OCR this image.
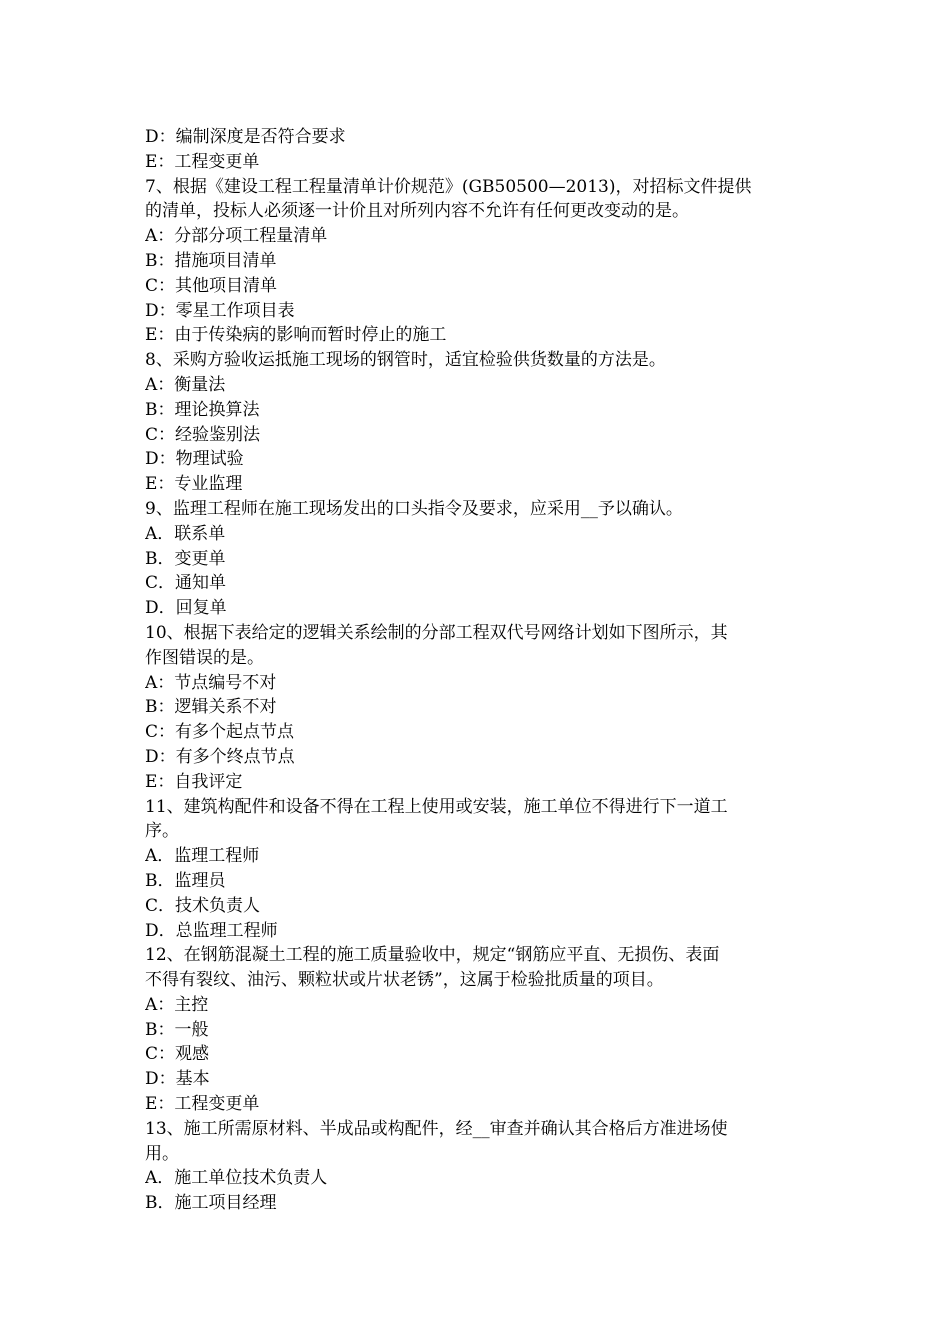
D：编制深度是否符合要求
E：工程变更单
7、根据《建设工程工程量清单计价规范》(GB50500—2013)，对招标文件提供
的清单，投标人必须逐一计价且对所列内容不允许有任何更改变动的是。
A：分部分项工程量清单
B：措施项目清单
C：其他项目清单
D：零星工作项目表
E：由于传染病的影响而暂时停止的施工
8、采购方验收运抵施工现场的钢管时，适宜检验供货数量的方法是。
A：衡量法
B：理论换算法
C：经验鉴别法
D：物理试验
E：专业监理
9、监理工程师在施工现场发出的口头指令及要求，应采用__予以确认。
A．联系单
B．变更单
C．通知单
D．回复单
10、根据下表给定的逻辑关系绘制的分部工程双代号网络计划如下图所示，其
作图错误的是。
A：节点编号不对
B：逻辑关系不对
C：有多个起点节点
D：有多个终点节点
E：自我评定
11、建筑构配件和设备不得在工程上使用或安装，施工单位不得进行下一道工
序。
A．监理工程师
B．监理员
C．技术负责人
D．总监理工程师
12、在钢筋混凝土工程的施工质量验收中，规定“钢筋应平直、无损伤、表面
不得有裂纹、油污、颗粒状或片状老锈”，这属于检验批质量的项目。
A：主控
B：一般
C：观感
D：基本
E：工程变更单
13、施工所需原材料、半成品或构配件，经__审查并确认其合格后方准进场使
用。
A．施工单位技术负责人
B．施工项目经理
